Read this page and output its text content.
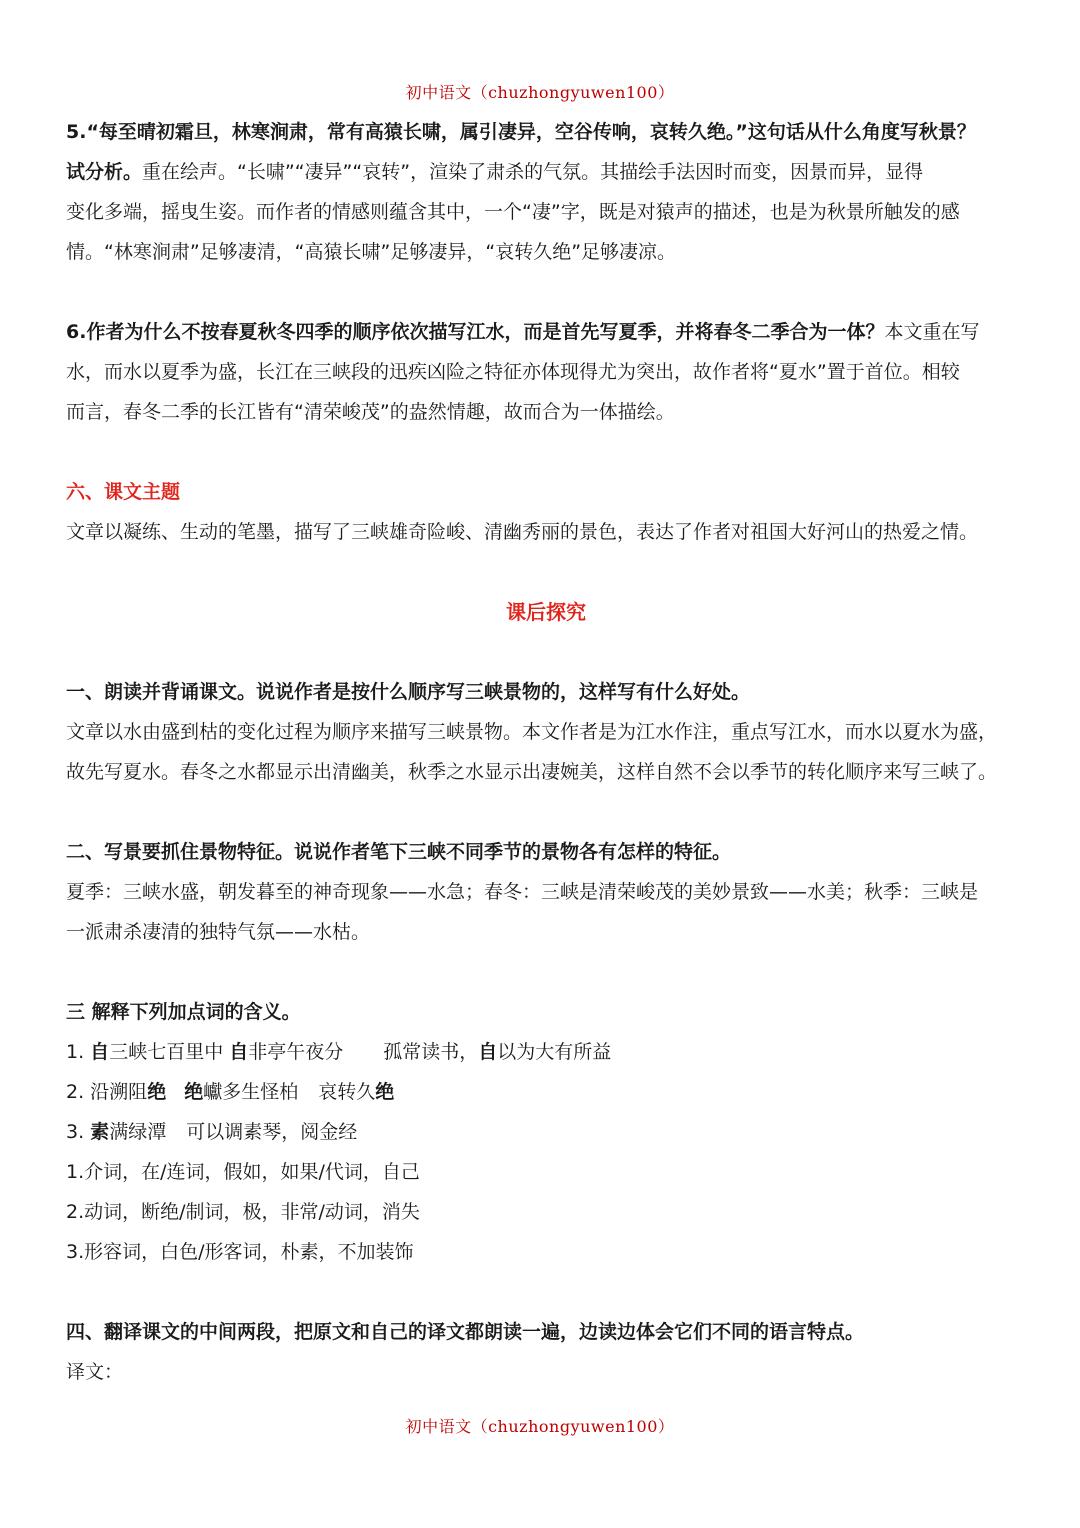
初中语文（chuzhongyuwen100）

5.“每至晴初霜旦，林寒涧肃，常有高猿长啸，属引凄异，空谷传响，哀转久绝。”这句话从什么角度写秋景？

试分析。重在绘声。“长啸”“凄异”“哀转”，渲染了肃杀的气氛。其描绘手法因时而变，因景而异，显得

变化多端，摇曳生姿。而作者的情感则蕴含其中，一个“凄”字，既是对猿声的描述，也是为秋景所触发的感

情。“林寒涧肃”足够凄清，“高猿长啸”足够凄异，“哀转久绝”足够凄凉。

6.作者为什么不按春夏秋冬四季的顺序依次描写江水，而是首先写夏季，并将春冬二季合为一体？本文重在写

水，而水以夏季为盛，长江在三峡段的迅疾凶险之特征亦体现得尤为突出，故作者将“夏水”置于首位。相较

而言，春冬二季的长江皆有“清荣峻茂”的盎然情趣，故而合为一体描绘。

六、课文主题

文章以凝练、生动的笔墨，描写了三峡雄奇险峻、清幽秀丽的景色，表达了作者对祖国大好河山的热爱之情。

课后探究

一、朗读并背诵课文。说说作者是按什么顺序写三峡景物的，这样写有什么好处。

文章以水由盛到枯的变化过程为顺序来描写三峡景物。本文作者是为江水作注，重点写江水，而水以夏水为盛，

故先写夏水。春冬之水都显示出清幽美，秋季之水显示出凄婉美，这样自然不会以季节的转化顺序来写三峡了。

二、写景要抓住景物特征。说说作者笔下三峡不同季节的景物各有怎样的特征。

夏季：三峡水盛，朝发暮至的神奇现象——水急；春冬：三峡是清荣峻茂的美妙景致——水美；秋季：三峡是

一派肃杀凄清的独特气氛——水枯。

三 解释下列加点词的含义。

1. 自三峡七百里中 自非亭午夜分 孤常读书，自以为大有所益

2. 沿溯阻绝 绝巘多生怪柏 哀转久绝

3. 素满绿潭 可以调素琴，阅金经

1.介词，在/连词，假如，如果/代词，自己

2.动词，断绝/制词，极，非常/动词，消失

3.形容词，白色/形客词，朴素，不加装饰

四、翻译课文的中间两段，把原文和自己的译文都朗读一遍，边读边体会它们不同的语言特点。

译文：

初中语文（chuzhongyuwen100）
